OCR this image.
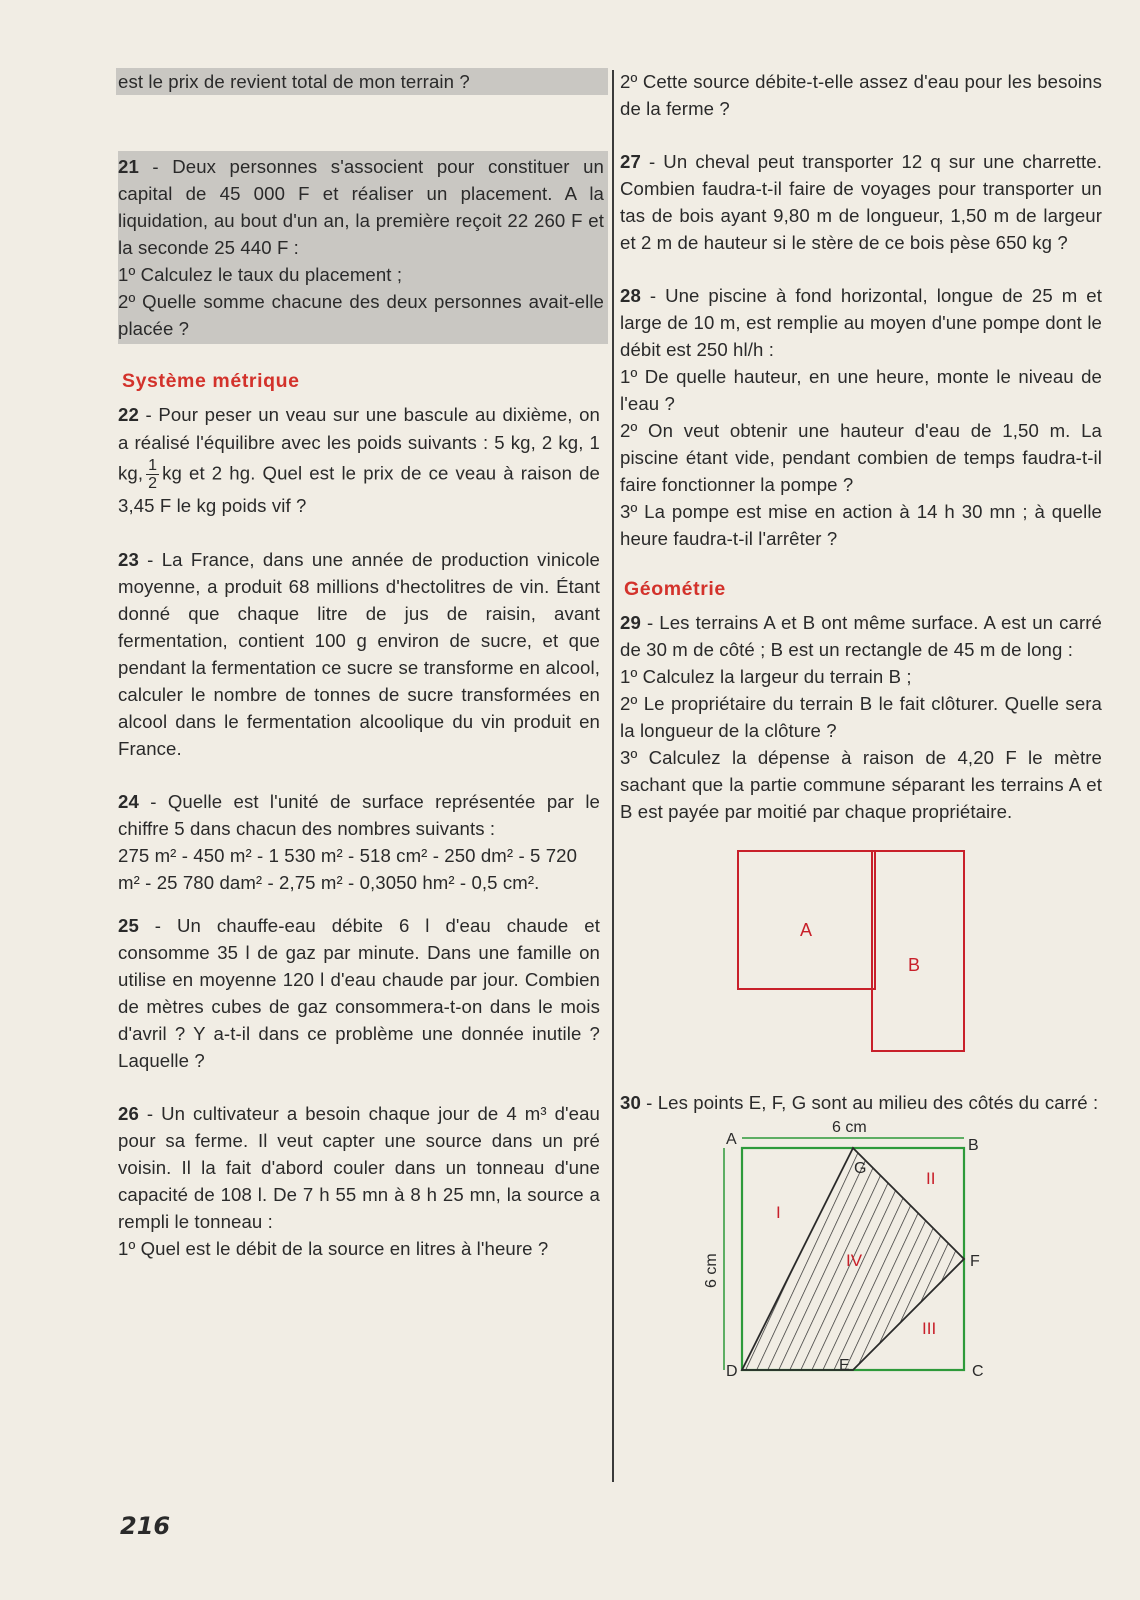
est le prix de revient total de mon terrain ?

21 - Deux personnes s'associent pour constituer un capital de 45 000 F et réaliser un placement. A la liquidation, au bout d'un an, la première reçoit 22 260 F et la seconde 25 440 F :

1º Calculez le taux du placement ;

2º Quelle somme chacune des deux personnes avait-elle placée ?

Système métrique

22 - Pour peser un veau sur une bascule au dixième, on a réalisé l'équilibre avec les poids suivants : 5 kg, 2 kg, 1 kg, $\frac{1}{2}$ kg et 2 hg. Quel est le prix de ce veau à raison de 3,45 F le kg poids vif ?

23 - La France, dans une année de production vinicole moyenne, a produit 68 millions d'hectolitres de vin. Étant donné que chaque litre de jus de raisin, avant fermentation, contient 100 g environ de sucre, et que pendant la fermentation ce sucre se transforme en alcool, calculer le nombre de tonnes de sucre transformées en alcool dans le fermentation alcoolique du vin produit en France.

24 - Quelle est l'unité de surface représentée par le chiffre 5 dans chacun des nombres suivants :

275 m² - 450 m² - 1 530 m² - 518 cm² - 250 dm² - 5 720 m² - 25 780 dam² - 2,75 m² - 0,3050 hm² - 0,5 cm².

25 - Un chauffe-eau débite 6 l d'eau chaude et consomme 35 l de gaz par minute. Dans une famille on utilise en moyenne 120 l d'eau chaude par jour. Combien de mètres cubes de gaz consommera-t-on dans le mois d'avril ? Y a-t-il dans ce problème une donnée inutile ? Laquelle ?

26 - Un cultivateur a besoin chaque jour de 4 m³ d'eau pour sa ferme. Il veut capter une source dans un pré voisin. Il la fait d'abord couler dans un tonneau d'une capacité de 108 l. De 7 h 55 mn à 8 h 25 mn, la source a rempli le tonneau :

1º Quel est le débit de la source en litres à l'heure ?

2º Cette source débite-t-elle assez d'eau pour les besoins de la ferme ?

27 - Un cheval peut transporter 12 q sur une charrette. Combien faudra-t-il faire de voyages pour transporter un tas de bois ayant 9,80 m de longueur, 1,50 m de largeur et 2 m de hauteur si le stère de ce bois pèse 650 kg ?

28 - Une piscine à fond horizontal, longue de 25 m et large de 10 m, est remplie au moyen d'une pompe dont le débit est 250 hl/h :

1º De quelle hauteur, en une heure, monte le niveau de l'eau ?

2º On veut obtenir une hauteur d'eau de 1,50 m. La piscine étant vide, pendant combien de temps faudra-t-il faire fonctionner la pompe ?

3º La pompe est mise en action à 14 h 30 mn ; à quelle heure faudra-t-il l'arrêter ?

Géométrie

29 - Les terrains A et B ont même surface. A est un carré de 30 m de côté ; B est un rectangle de 45 m de long :

1º Calculez la largeur du terrain B ;

2º Le propriétaire du terrain B le fait clôturer. Quelle sera la longueur de la clôture ?

3º Calculez la dépense à raison de 4,20 F le mètre sachant que la partie commune séparant les terrains A et B est payée par moitié par chaque propriétaire.

A
B

30 - Les points E, F, G sont au milieu des côtés du carré :

6 cm
6 cm
A	B
C
D	E
F
G
I
II
III
IV
216
